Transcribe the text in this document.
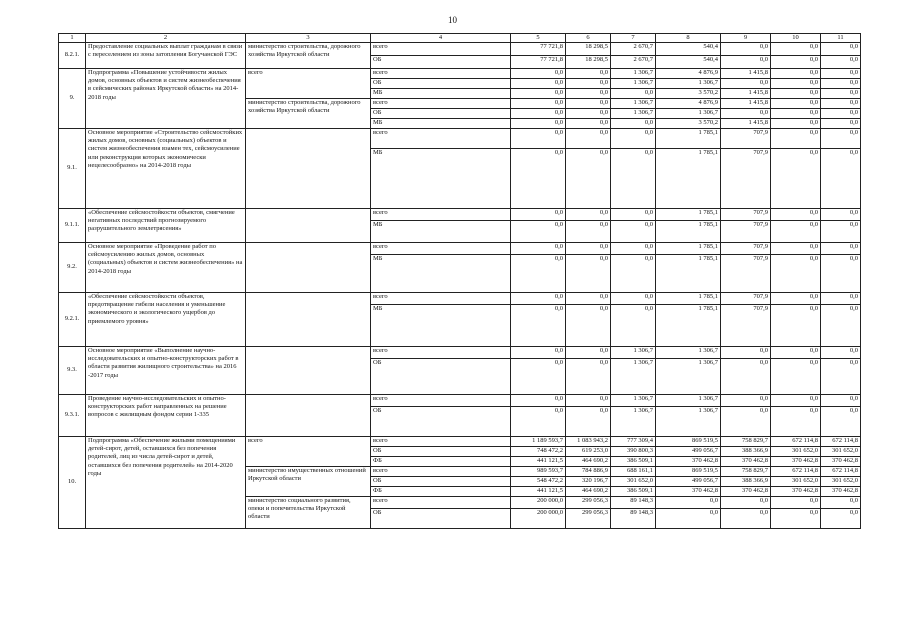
10
1	2	3	4	5	6	7	8	9	10	11
8.2.1.	Предоставление социальных выплат гражданам в связи с переселением из зоны затопления Богучанской ГЭС	министерство строительства, дорожного хозяйства Иркутской области	всего	77 721,8	18 298,5	2 670,7	540,4	0,0	0,0	0,0
			ОБ	77 721,8	18 298,5	2 670,7	540,4	0,0	0,0	0,0
9.	Подпрограмма «Повышение устойчивости жилых домов, основных объектов и систем жизнеобеспечения в сейсмических районах Иркутской области» на 2014-2018 годы	всего	всего	0,0	0,0	1 306,7	4 876,9	1 415,8	0,0	0,0
			ОБ	0,0	0,0	1 306,7	1 306,7	0,0	0,0	0,0
			МБ	0,0	0,0	0,0	3 570,2	1 415,8	0,0	0,0
		министерство строительства, дорожного хозяйства Иркутской области	всего	0,0	0,0	1 306,7	4 876,9	1 415,8	0,0	0,0
			ОБ	0,0	0,0	1 306,7	1 306,7	0,0	0,0	0,0
			МБ	0,0	0,0	0,0	3 570,2	1 415,8	0,0	0,0
9.1.	Основное мероприятие «Строительство сейсмостойких жилых домов, основных (социальных) объектов и систем жизнеобеспечения взамен тех, сейсмоусиление или реконструкция которых экономически нецелесообразно» на 2014-2018 годы		всего	0,0	0,0	0,0	1 785,1	707,9	0,0	0,0
			МБ	0,0	0,0	0,0	1 785,1	707,9	0,0	0,0
9.1.1.	«Обеспечение сейсмостойкости объектов, смягчение негативных последствий прогнозируемого разрушительного землетрясения»		всего	0,0	0,0	0,0	1 785,1	707,9	0,0	0,0
			МБ	0,0	0,0	0,0	1 785,1	707,9	0,0	0,0
9.2.	Основное мероприятие «Проведение работ по сейсмоусилению жилых домов, основных (социальных) объектов и систем жизнеобеспечения» на 2014-2018 годы		всего	0,0	0,0	0,0	1 785,1	707,9	0,0	0,0
			МБ	0,0	0,0	0,0	1 785,1	707,9	0,0	0,0
9.2.1.	«Обеспечение сейсмостойкости объектов, предотвращение гибели населения и уменьшение экономического и экологического ущербов до приемлемого уровня»		всего	0,0	0,0	0,0	1 785,1	707,9	0,0	0,0
			МБ	0,0	0,0	0,0	1 785,1	707,9	0,0	0,0
9.3.	Основное мероприятие «Выполнение научно-исследовательских и опытно-конструкторских работ в области развития жилищного строительства» на 2016 -2017 годы		всего	0,0	0,0	1 306,7	1 306,7	0,0	0,0	0,0
			ОБ	0,0	0,0	1 306,7	1 306,7	0,0	0,0	0,0
9.3.1.	Проведение научно-исследовательских и опытно-конструкторских работ направленных на решение вопросов с жилищным фондом серии 1-335		всего	0,0	0,0	1 306,7	1 306,7	0,0	0,0	0,0
			ОБ	0,0	0,0	1 306,7	1 306,7	0,0	0,0	0,0
10.	Подпрограмма «Обеспечение жилыми помещениями детей-сирот, детей, оставшихся без попечения родителей, лиц из числа детей-сирот и детей, оставшихся без попечения родителей» на 2014-2020 годы	всего	всего	1 189 593,7	1 083 943,2	777 309,4	869 519,5	758 829,7	672 114,8	672 114,8
			ОБ	748 472,2	619 253,0	390 800,3	499 056,7	388 366,9	301 652,0	301 652,0
			ФБ	441 121,5	464 690,2	386 509,1	370 462,8	370 462,8	370 462,8	370 462,8
		министерство имущественных отношений Иркутской области	всего	989 593,7	784 886,9	688 161,1	869 519,5	758 829,7	672 114,8	672 114,8
			ОБ	548 472,2	320 196,7	301 652,0	499 056,7	388 366,9	301 652,0	301 652,0
			ФБ	441 121,5	464 690,2	386 509,1	370 462,8	370 462,8	370 462,8	370 462,8
		министерство социального развития, опеки и попечительства Иркутской области	всего	200 000,0	299 056,3	89 148,3	0,0	0,0	0,0	0,0
			ОБ	200 000,0	299 056,3	89 148,3	0,0	0,0	0,0	0,0
